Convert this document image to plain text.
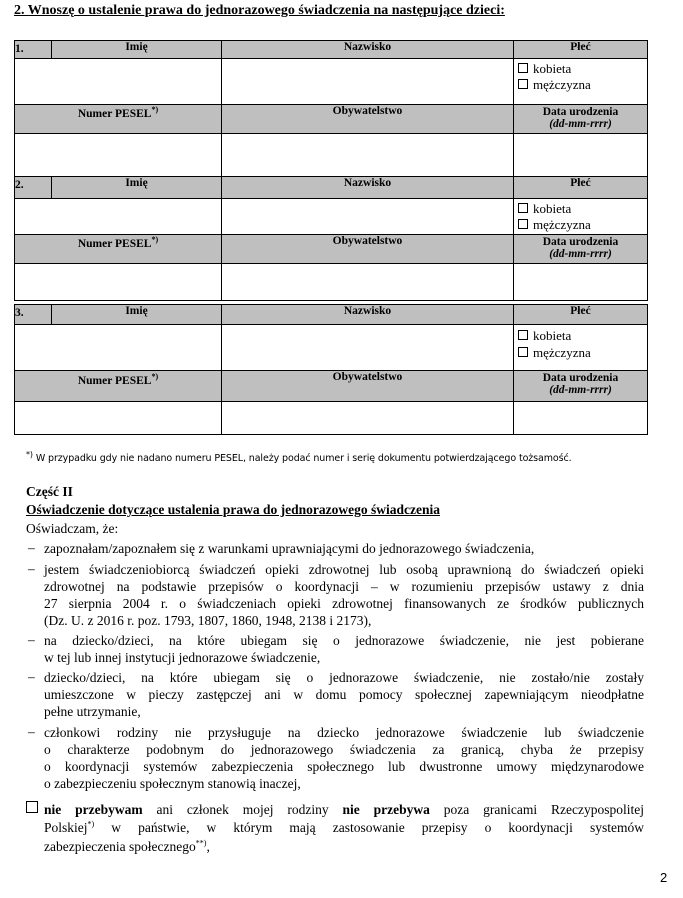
2. Wnoszę o ustalenie prawa do jednorazowego świadczenia na następujące dzieci:
1.	Imię	Nazwisko	Płeć

			kobieta
mężczyzna

Numer PESEL*)		Obywatelstwo	Data urodzenia
(dd-mm-rrrr)

2.	Imię	Nazwisko	Płeć

			kobieta
mężczyzna

Numer PESEL*)		Obywatelstwo	Data urodzenia
(dd-mm-rrrr)

3.	Imię	Nazwisko	Płeć

			kobieta
mężczyzna

Numer PESEL*)		Obywatelstwo	Data urodzenia
(dd-mm-rrrr)

*) W przypadku gdy nie nadano numeru PESEL, należy podać numer i serię dokumentu potwierdzającego tożsamość.
Część II
Oświadczenie dotyczące ustalenia prawa do jednorazowego świadczenia
Oświadczam, że:
– zapoznałam/zapoznałem się z warunkami uprawniającymi do jednorazowego świadczenia,
– jestem świadczeniobiorcą świadczeń opieki zdrowotnej lub osobą uprawnioną do świadczeń opieki
zdrowotnej na podstawie przepisów o koordynacji – w rozumieniu przepisów ustawy z dnia
27 sierpnia 2004 r. o świadczeniach opieki zdrowotnej finansowanych ze środków publicznych
(Dz. U. z 2016 r. poz. 1793, 1807, 1860, 1948, 2138 i 2173),
– na dziecko/dzieci, na które ubiegam się o jednorazowe świadczenie, nie jest pobierane
w tej lub innej instytucji jednorazowe świadczenie,
– dziecko/dzieci, na które ubiegam się o jednorazowe świadczenie, nie zostało/nie zostały
umieszczone w pieczy zastępczej ani w domu pomocy społecznej zapewniającym nieodpłatne
pełne utrzymanie,
– członkowi rodziny nie przysługuje na dziecko jednorazowe świadczenie lub świadczenie
o charakterze podobnym do jednorazowego świadczenia za granicą, chyba że przepisy
o koordynacji systemów zabezpieczenia społecznego lub dwustronne umowy międzynarodowe
o zabezpieczeniu społecznym stanowią inaczej,
nie przebywam ani członek mojej rodziny nie przebywa poza granicami Rzeczypospolitej
Polskiej*) w państwie, w którym mają zastosowanie przepisy o koordynacji systemów
zabezpieczenia społecznego**),
2
